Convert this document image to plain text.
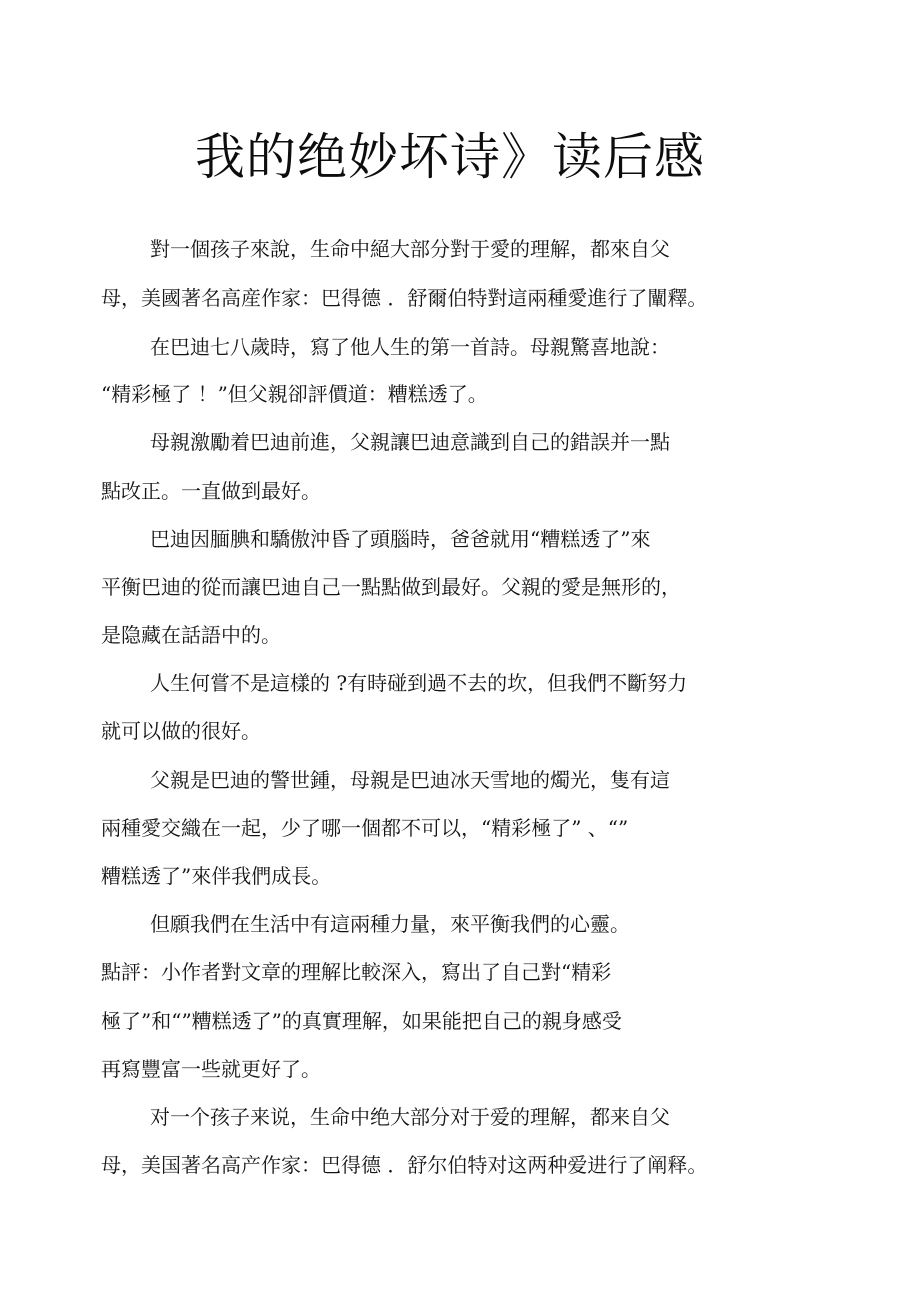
我的绝妙坏诗》读后感

對一個孩子來說，生命中絕大部分對于愛的理解，都來自父

母，美國著名高産作家：巴得德 ．舒爾伯特對這兩種愛進行了闡釋。

在巴迪七八歲時，寫了他人生的第一首詩。母親驚喜地說：

“精彩極了 ！”但父親卻評價道：糟糕透了。

母親激勵着巴迪前進，父親讓巴迪意識到自己的錯誤并一點

點改正。一直做到最好。

巴迪因腼腆和驕傲沖昏了頭腦時，爸爸就用“糟糕透了”來

平衡巴迪的從而讓巴迪自己一點點做到最好。父親的愛是無形的，

是隐藏在話語中的。

人生何嘗不是這樣的 ?有時碰到過不去的坎，但我們不斷努力

就可以做的很好。

父親是巴迪的警世鍾，母親是巴迪冰天雪地的燭光，隻有這

兩種愛交織在一起，少了哪一個都不可以，“精彩極了” 、“”

糟糕透了”來伴我們成長。

但願我們在生活中有這兩種力量，來平衡我們的心靈。

點評：小作者對文章的理解比較深入，寫出了自己對“精彩

極了”和“”糟糕透了”的真實理解，如果能把自己的親身感受

再寫豐富一些就更好了。

对一个孩子来说，生命中绝大部分对于爱的理解，都来自父

母，美国著名高产作家：巴得德 ．舒尔伯特对这两种爱进行了阐释。
